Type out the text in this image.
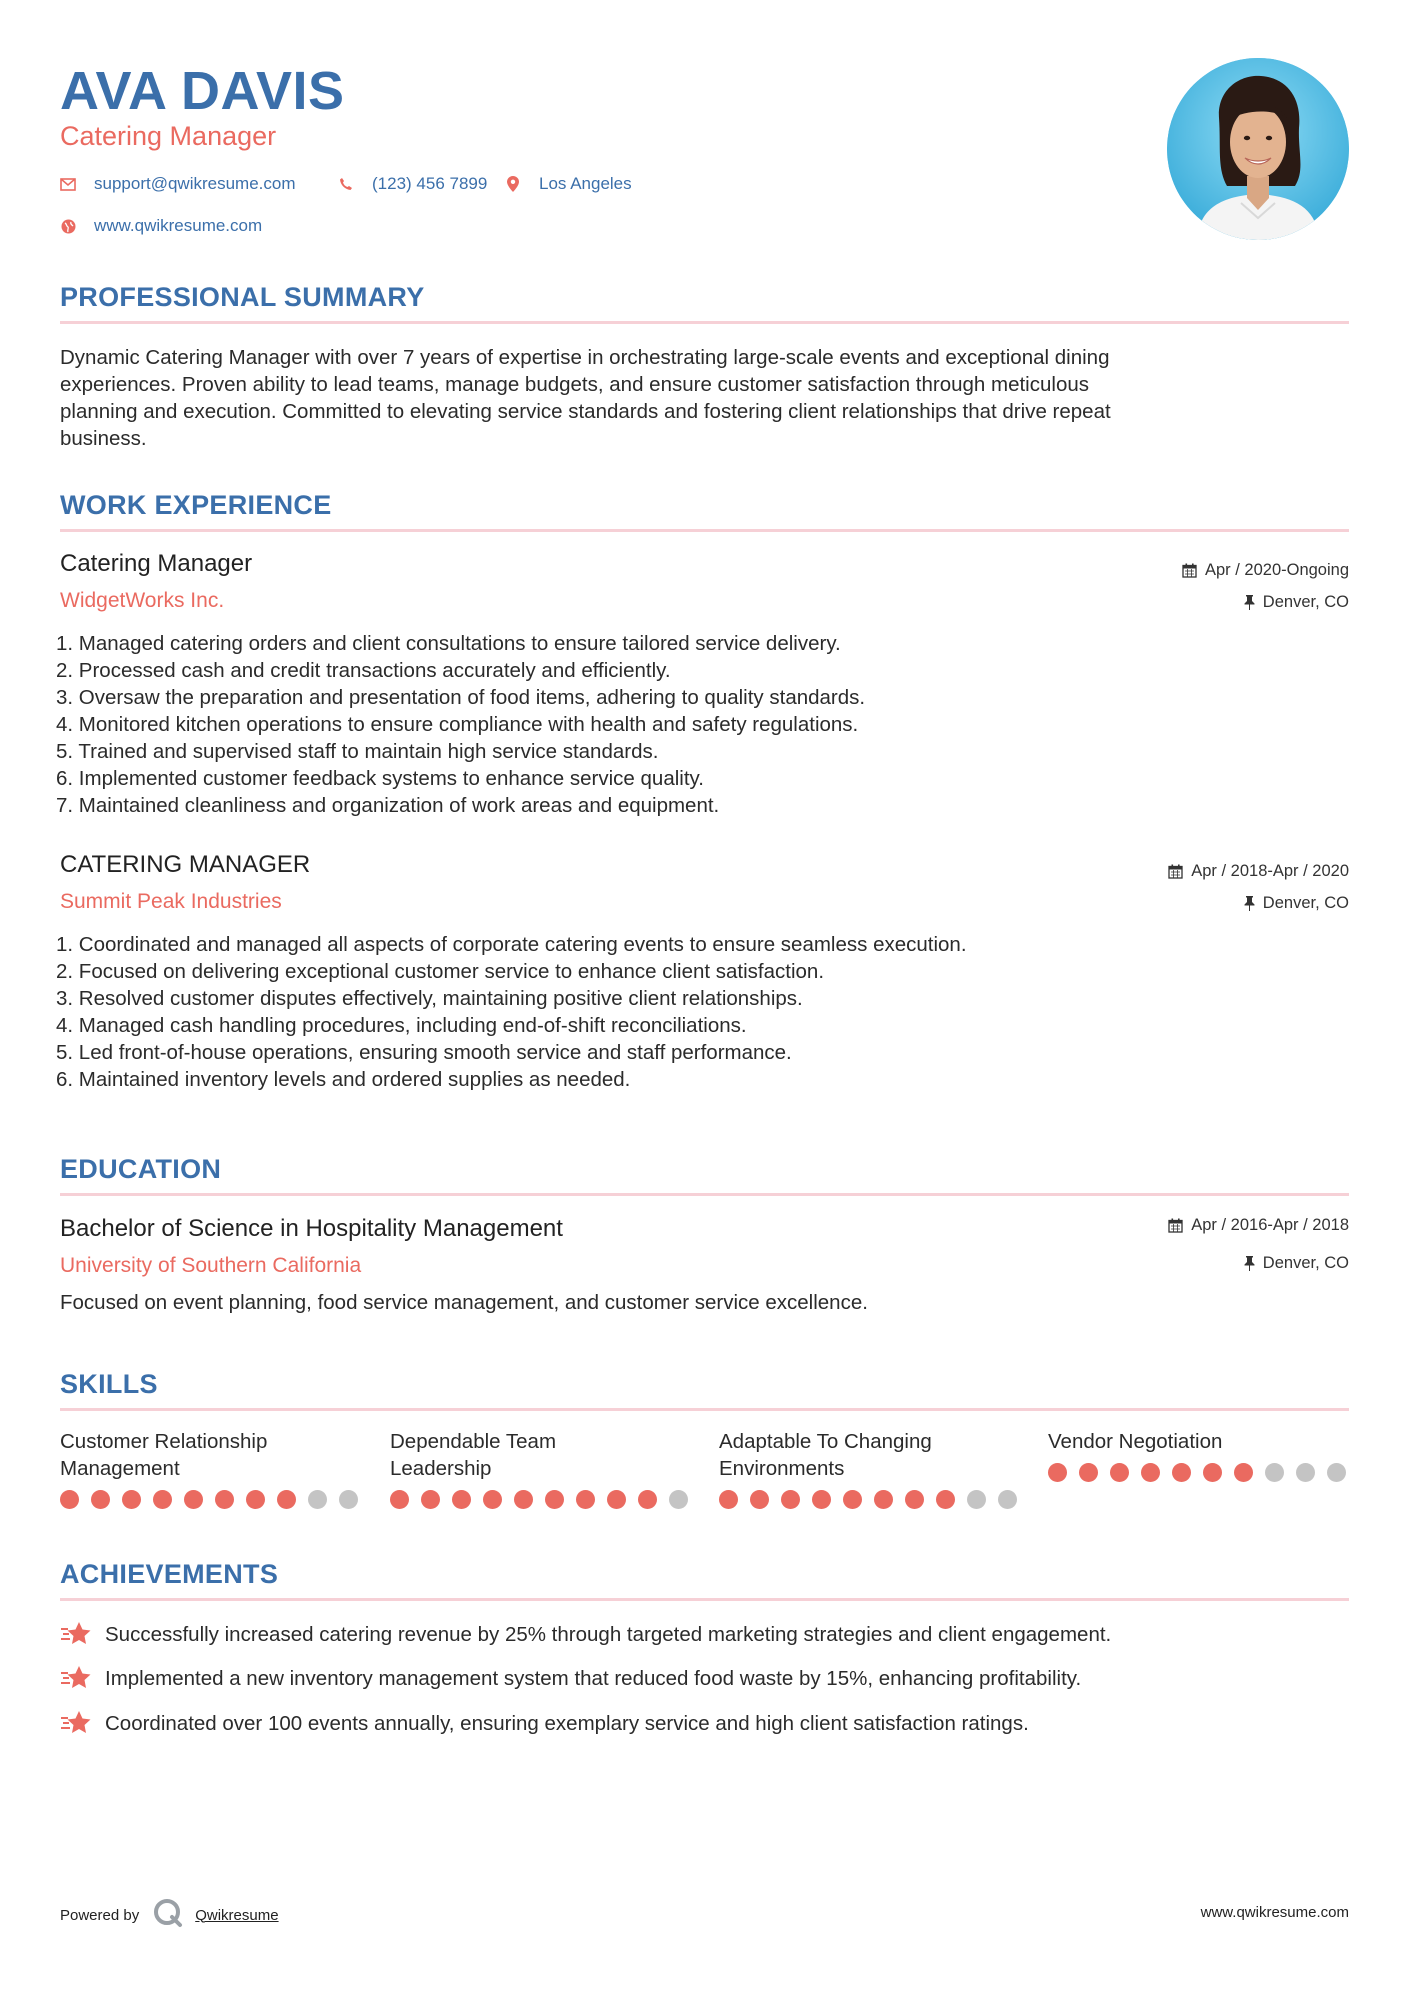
AVA DAVIS
Catering Manager
support@qwikresume.com	(123) 456 7899	Los Angeles
www.qwikresume.com
PROFESSIONAL SUMMARY
Dynamic Catering Manager with over 7 years of expertise in orchestrating large-scale events and exceptional dining
experiences. Proven ability to lead teams, manage budgets, and ensure customer satisfaction through meticulous
planning and execution. Committed to elevating service standards and fostering client relationships that drive repeat
business.
WORK EXPERIENCE
Catering Manager
WidgetWorks Inc.
Apr / 2020-Ongoing
Denver, CO
1. Managed catering orders and client consultations to ensure tailored service delivery.
2. Processed cash and credit transactions accurately and efficiently.
3. Oversaw the preparation and presentation of food items, adhering to quality standards.
4. Monitored kitchen operations to ensure compliance with health and safety regulations.
5. Trained and supervised staff to maintain high service standards.
6. Implemented customer feedback systems to enhance service quality.
7. Maintained cleanliness and organization of work areas and equipment.
CATERING MANAGER
Summit Peak Industries
Apr / 2018-Apr / 2020
Denver, CO
1. Coordinated and managed all aspects of corporate catering events to ensure seamless execution.
2. Focused on delivering exceptional customer service to enhance client satisfaction.
3. Resolved customer disputes effectively, maintaining positive client relationships.
4. Managed cash handling procedures, including end-of-shift reconciliations.
5. Led front-of-house operations, ensuring smooth service and staff performance.
6. Maintained inventory levels and ordered supplies as needed.
EDUCATION
Bachelor of Science in Hospitality Management
University of Southern California
Apr / 2016-Apr / 2018
Denver, CO
Focused on event planning, food service management, and customer service excellence.
SKILLS
Customer Relationship
Management
Dependable Team
Leadership
Adaptable To Changing
Environments
Vendor Negotiation
ACHIEVEMENTS
Successfully increased catering revenue by 25% through targeted marketing strategies and client engagement.
Implemented a new inventory management system that reduced food waste by 15%, enhancing profitability.
Coordinated over 100 events annually, ensuring exemplary service and high client satisfaction ratings.
Powered by	Qwikresume	www.qwikresume.com
